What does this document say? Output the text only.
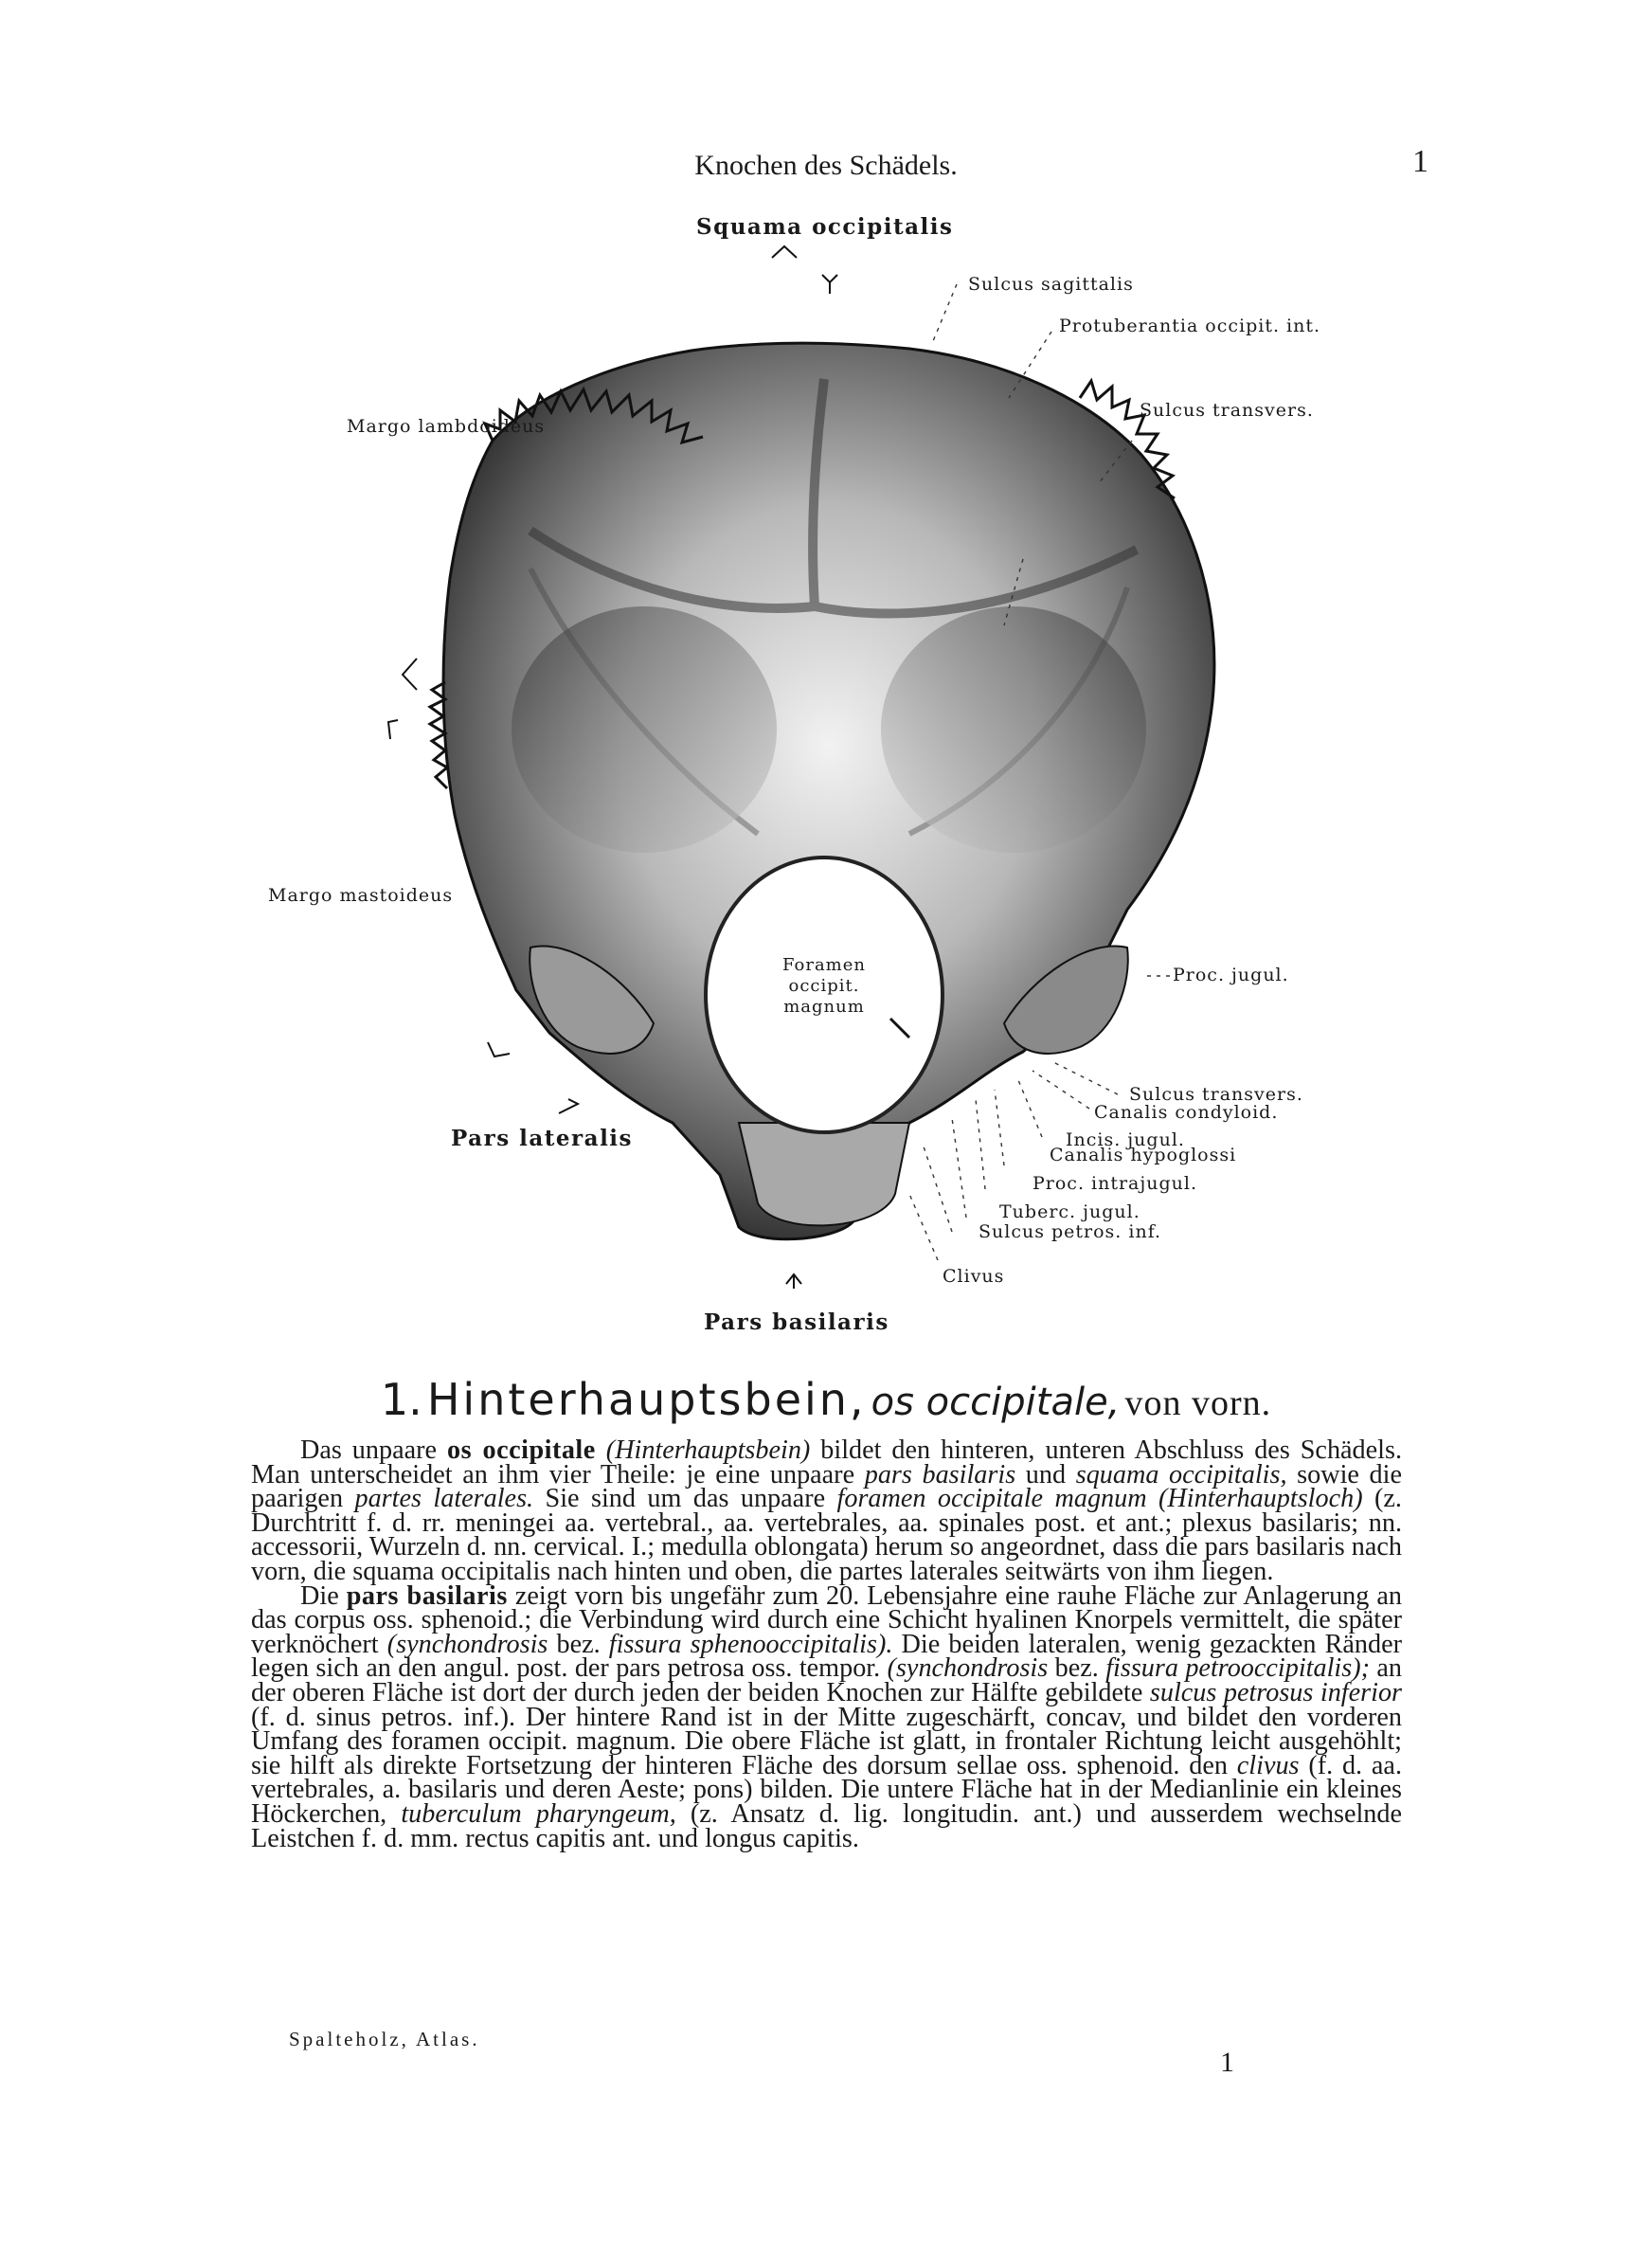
Knochen des Schädels.	1
Squama occipitalis
Sulcus sagittalis
Protuberantia occipit. int.
Margo lambdoideus
Sulcus transvers.
Margo mastoideus
Foramen
occipit.
magnum
Proc. jugul.
Pars lateralis
Sulcus transvers.
Canalis condyloid.
Incis. jugul.
Canalis hypoglossi
Proc. intrajugul.
Tuberc. jugul.
Sulcus petros. inf.
Clivus
Pars basilaris
1. Hinterhauptsbein, os occipitale, von vorn.

Das unpaare os occipitale (Hinterhauptsbein) bildet den hinteren, unteren Abschluss des Schädels. Man unterscheidet an ihm vier Theile: je eine unpaare pars basilaris und squama occipitalis, sowie die paarigen partes laterales. Sie sind um das unpaare foramen occipitale magnum (Hinterhauptsloch) (z. Durchtritt f. d. rr. meningei aa. vertebral., aa. vertebrales, aa. spinales post. et ant.; plexus basilaris; nn. accessorii, Wurzeln d. nn. cervical. I.; medulla oblongata) herum so angeordnet, dass die pars basilaris nach vorn, die squama occipitalis nach hinten und oben, die partes laterales seitwärts von ihm liegen.

Die pars basilaris zeigt vorn bis ungefähr zum 20. Lebensjahre eine rauhe Fläche zur Anlagerung an das corpus oss. sphenoid.; die Verbindung wird durch eine Schicht hyalinen Knorpels vermittelt, die später verknöchert (synchondrosis bez. fissura sphenooccipitalis). Die beiden lateralen, wenig gezackten Ränder legen sich an den angul. post. der pars petrosa oss. tempor. (synchondrosis bez. fissura petrooccipitalis); an der oberen Fläche ist dort der durch jeden der beiden Knochen zur Hälfte gebildete sulcus petrosus inferior (f. d. sinus petros. inf.). Der hintere Rand ist in der Mitte zugeschärft, concav, und bildet den vorderen Umfang des foramen occipit. magnum. Die obere Fläche ist glatt, in frontaler Richtung leicht ausgehöhlt; sie hilft als direkte Fortsetzung der hinteren Fläche des dorsum sellae oss. sphenoid. den clivus (f. d. aa. vertebrales, a. basilaris und deren Aeste; pons) bilden. Die untere Fläche hat in der Medianlinie ein kleines Höckerchen, tuberculum pharyngeum, (z. Ansatz d. lig. longitudin. ant.) und ausserdem wechselnde Leistchen f. d. mm. rectus capitis ant. und longus capitis.

Spalteholz, Atlas.
1
